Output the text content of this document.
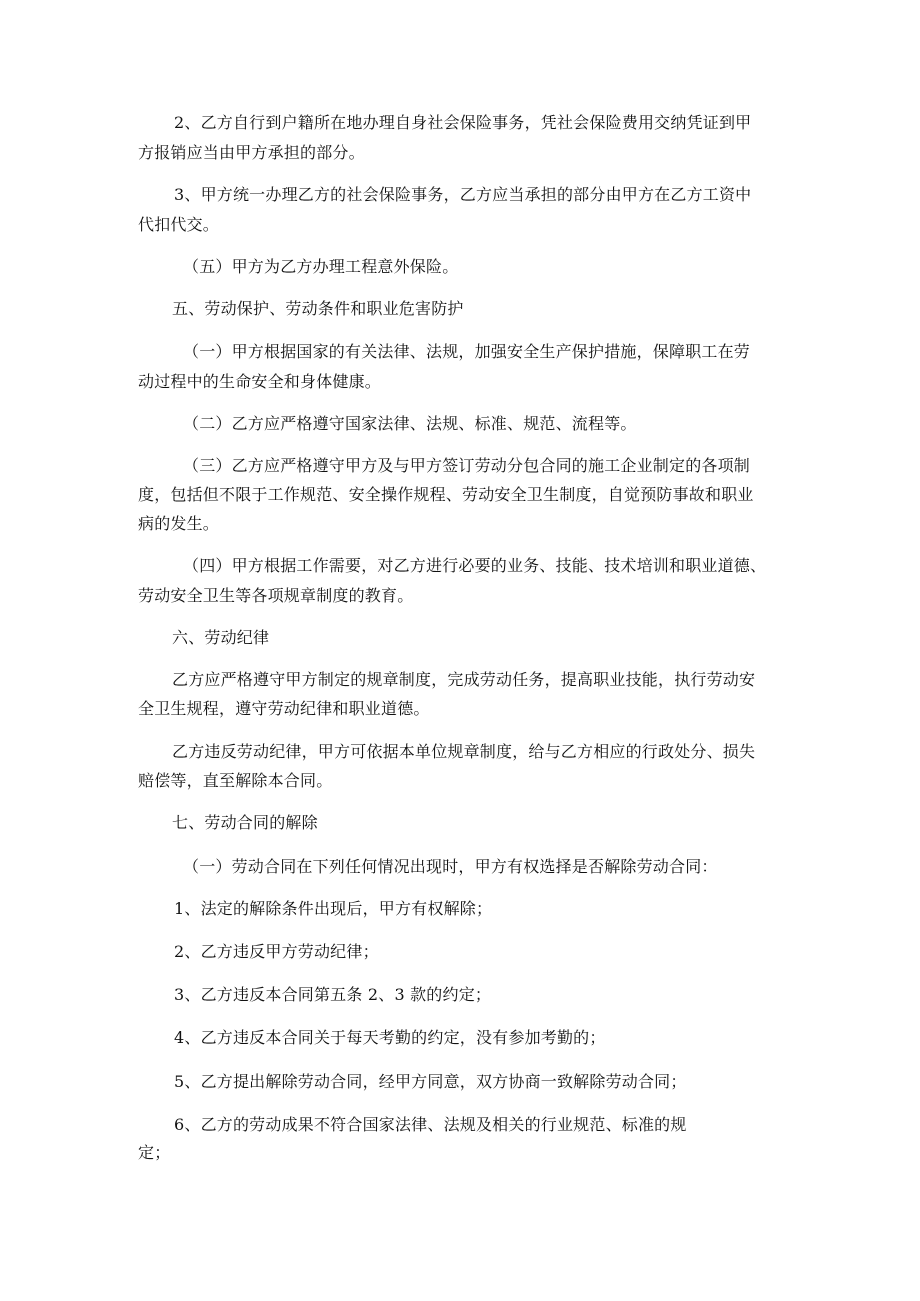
2、乙方自行到户籍所在地办理自身社会保险事务，凭社会保险费用交纳凭证到甲

方报销应当由甲方承担的部分。

3、甲方统一办理乙方的社会保险事务，乙方应当承担的部分由甲方在乙方工资中

代扣代交。

（五）甲方为乙方办理工程意外保险。

五、劳动保护、劳动条件和职业危害防护

（一）甲方根据国家的有关法律、法规，加强安全生产保护措施，保障职工在劳

动过程中的生命安全和身体健康。

（二）乙方应严格遵守国家法律、法规、标准、规范、流程等。

（三）乙方应严格遵守甲方及与甲方签订劳动分包合同的施工企业制定的各项制

度，包括但不限于工作规范、安全操作规程、劳动安全卫生制度，自觉预防事故和职业

病的发生。

（四）甲方根据工作需要，对乙方进行必要的业务、技能、技术培训和职业道德、

劳动安全卫生等各项规章制度的教育。

六、劳动纪律

乙方应严格遵守甲方制定的规章制度，完成劳动任务，提高职业技能，执行劳动安

全卫生规程，遵守劳动纪律和职业道德。

乙方违反劳动纪律，甲方可依据本单位规章制度，给与乙方相应的行政处分、损失

赔偿等，直至解除本合同。

七、劳动合同的解除

（一）劳动合同在下列任何情况出现时，甲方有权选择是否解除劳动合同：

1、法定的解除条件出现后，甲方有权解除；

2、乙方违反甲方劳动纪律；

3、乙方违反本合同第五条 2、3 款的约定；

4、乙方违反本合同关于每天考勤的约定，没有参加考勤的；

5、乙方提出解除劳动合同，经甲方同意，双方协商一致解除劳动合同；

6、乙方的劳动成果不符合国家法律、法规及相关的行业规范、标准的规

定；
